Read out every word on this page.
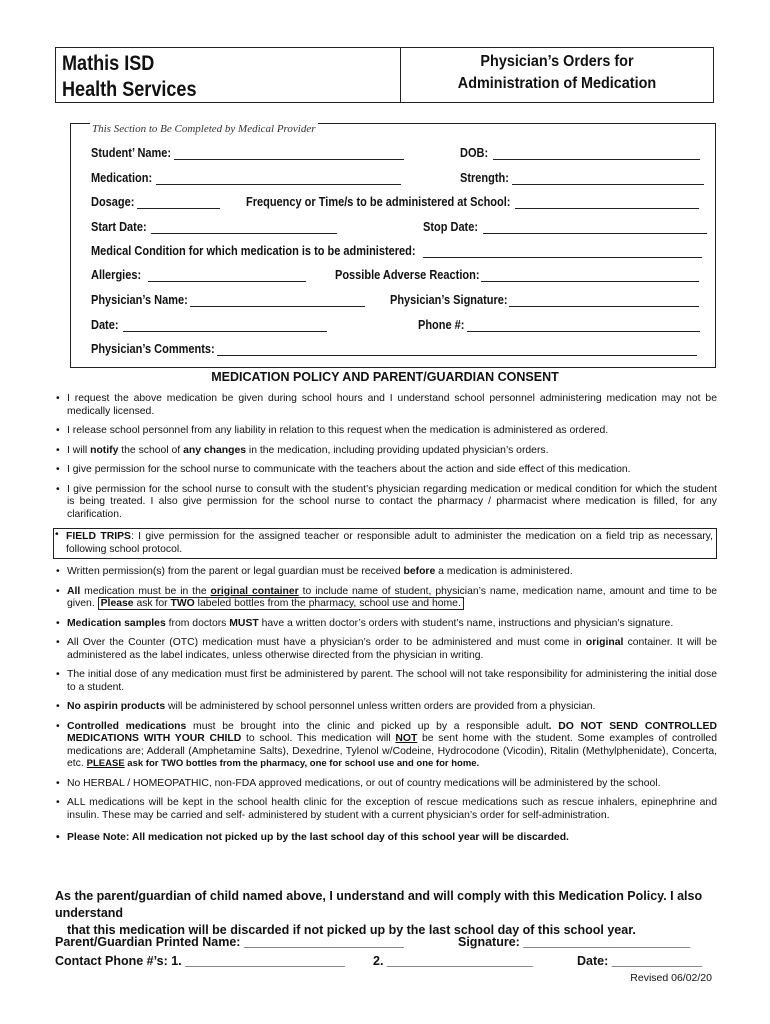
Mathis ISD
Health Services
Physician’s Orders for
Administration of Medication
This Section to Be Completed by Medical Provider
Student’ Name:	DOB:
Medication:	Strength:
Dosage:	Frequency or Time/s to be administered at School:
Start Date:	Stop Date:
Medical Condition for which medication is to be administered:
Allergies:	Possible Adverse Reaction:
Physician’s Name:	Physician’s Signature:
Date:	Phone #:
Physician’s Comments:
MEDICATION POLICY AND PARENT/GUARDIAN CONSENT
• I request the above medication be given during school hours and I understand school personnel administering medication may not be medically licensed.
• I release school personnel from any liability in relation to this request when the medication is administered as ordered.
• I will notify the school of any changes in the medication, including providing updated physician’s orders.
• I give permission for the school nurse to communicate with the teachers about the action and side effect of this medication.
• I give permission for the school nurse to consult with the student’s physician regarding medication or medical condition for which the student is being treated. I also give permission for the school nurse to contact the pharmacy / pharmacist where medication is filled, for any clarification.
• FIELD TRIPS: I give permission for the assigned teacher or responsible adult to administer the medication on a field trip as necessary, following school protocol.
• Written permission(s) from the parent or legal guardian must be received before a medication is administered.
• All medication must be in the original container to include name of student, physician’s name, medication name, amount and time to be given. Please ask for TWO labeled bottles from the pharmacy, school use and home.
• Medication samples from doctors MUST have a written doctor’s orders with student’s name, instructions and physician’s signature.
• All Over the Counter (OTC) medication must have a physician’s order to be administered and must come in original container. It will be administered as the label indicates, unless otherwise directed from the physician in writing.
• The initial dose of any medication must first be administered by parent. The school will not take responsibility for administering the initial dose to a student.
• No aspirin products will be administered by school personnel unless written orders are provided from a physician.
• Controlled medications must be brought into the clinic and picked up by a responsible adult. DO NOT SEND CONTROLLED MEDICATIONS WITH YOUR CHILD to school. This medication will NOT be sent home with the student. Some examples of controlled medications are; Adderall (Amphetamine Salts), Dexedrine, Tylenol w/Codeine, Hydrocodone (Vicodin), Ritalin (Methylphenidate), Concerta, etc. PLEASE ask for TWO bottles from the pharmacy, one for school use and one for home.
• No HERBAL / HOMEOPATHIC, non-FDA approved medications, or out of country medications will be administered by the school.
• ALL medications will be kept in the school health clinic for the exception of rescue medications such as rescue inhalers, epinephrine and insulin. These may be carried and self- administered by student with a current physician’s order for self-administration.
• Please Note: All medication not picked up by the last school day of this school year will be discarded.
As the parent/guardian of child named above, I understand and will comply with this Medication Policy. I also understand
that this medication will be discarded if not picked up by the last school day of this school year.
Parent/Guardian Printed Name: _______________________	Signature: ________________________
Contact Phone #’s: 1. _______________________ 2. _____________________	Date: _____________
Revised 06/02/20
